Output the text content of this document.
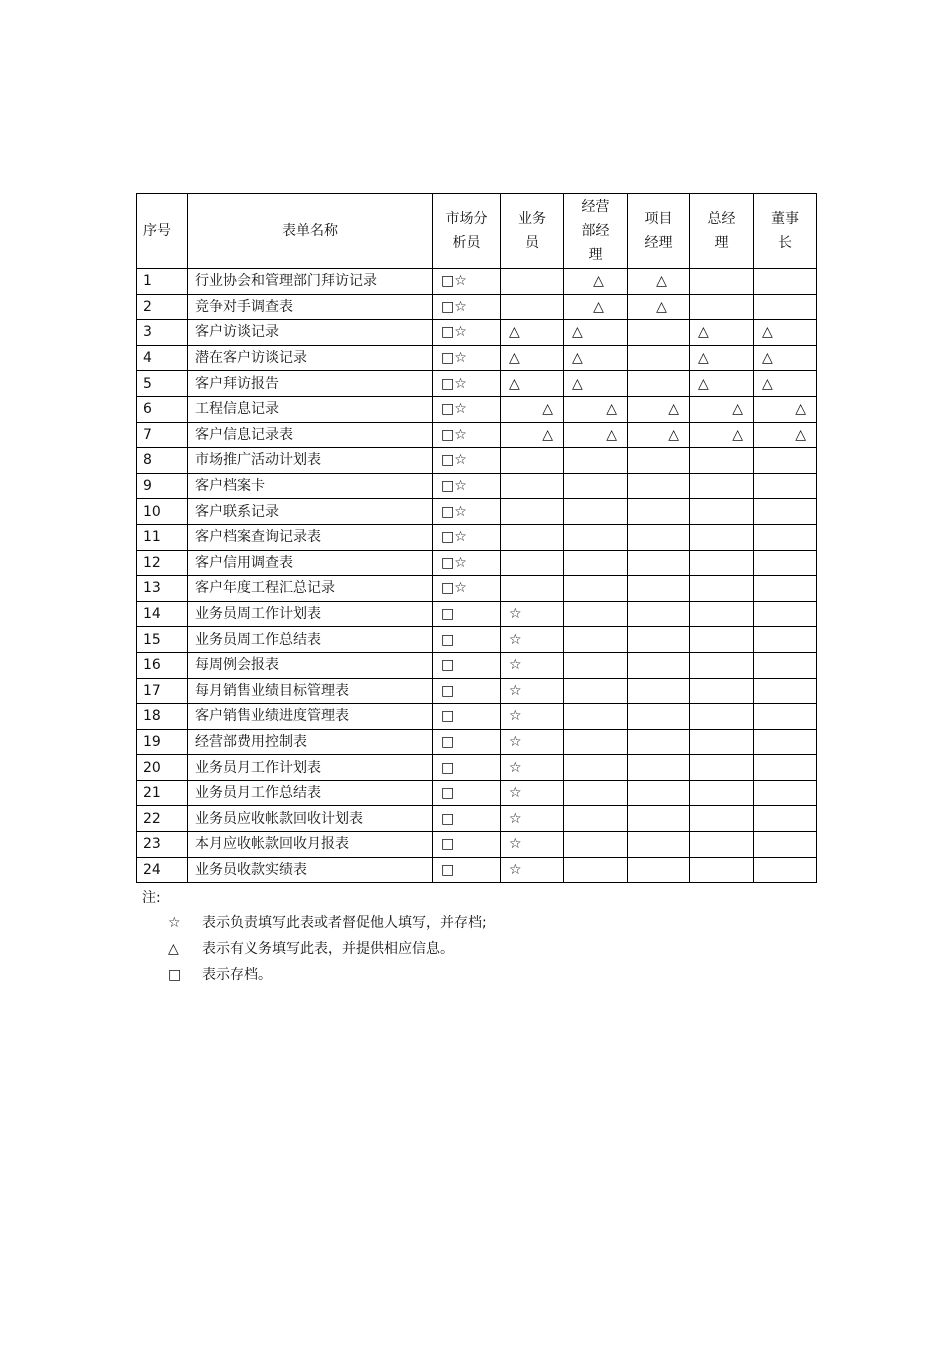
序号	表单名称	市场分析员	业务员	经营部经理	项目经理	总经理	董事长

1	行业协会和管理部门拜访记录	□☆		△	△		
2	竞争对手调查表	□☆		△	△		
3	客户访谈记录	□☆	△	△		△	△
4	潜在客户访谈记录	□☆	△	△		△	△
5	客户拜访报告	□☆	△	△		△	△
6	工程信息记录	□☆	△	△	△	△	△
7	客户信息记录表	□☆	△	△	△	△	△
8	市场推广活动计划表	□☆					
9	客户档案卡	□☆					
10	客户联系记录	□☆					
11	客户档案查询记录表	□☆					
12	客户信用调查表	□☆					
13	客户年度工程汇总记录	□☆					
14	业务员周工作计划表	□	☆				
15	业务员周工作总结表	□	☆				
16	每周例会报表	□	☆				
17	每月销售业绩目标管理表	□	☆				
18	客户销售业绩进度管理表	□	☆				
19	经营部费用控制表	□	☆				
20	业务员月工作计划表	□	☆				
21	业务员月工作总结表	□	☆				
22	业务员应收帐款回收计划表	□	☆				
23	本月应收帐款回收月报表	□	☆				
24	业务员收款实绩表	□	☆				
注:
☆	表示负责填写此表或者督促他人填写，并存档;
△	表示有义务填写此表，并提供相应信息。
□	表示存档。
